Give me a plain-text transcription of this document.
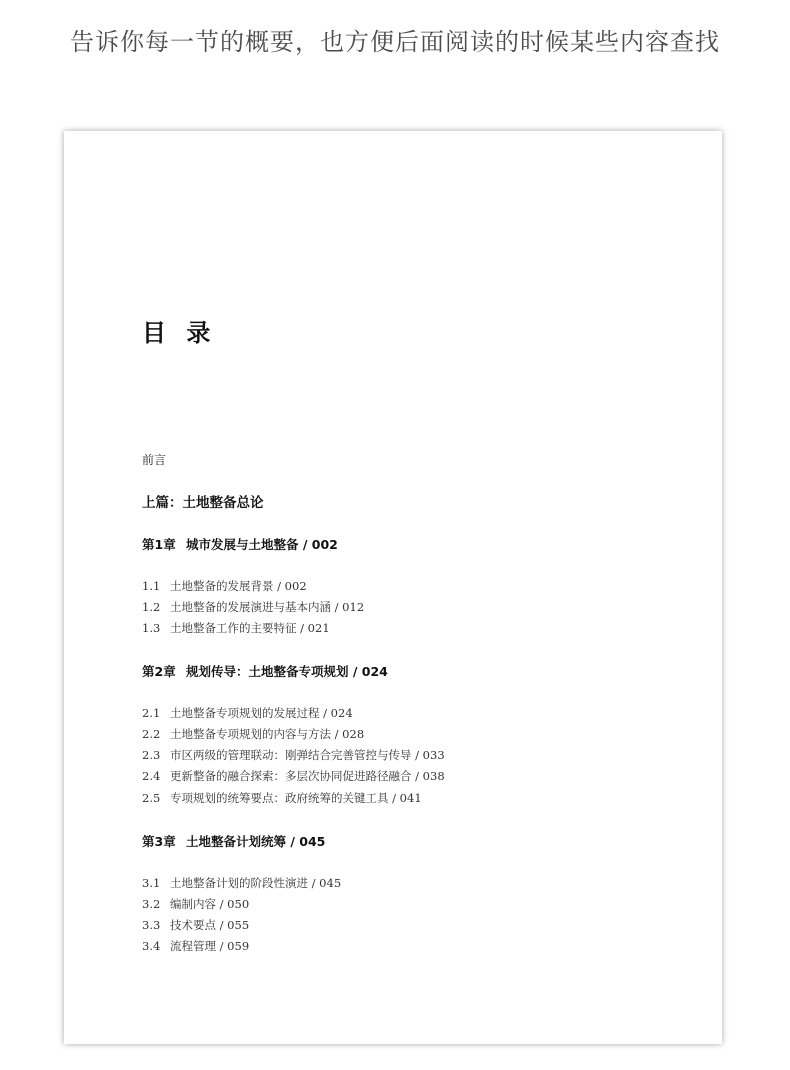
告诉你每一节的概要，也方便后面阅读的时候某些内容查找
目 录
前言
上篇：土地整备总论
第1章 城市发展与土地整备 / 002
1.1 土地整备的发展背景 / 002
1.2 土地整备的发展演进与基本内涵 / 012
1.3 土地整备工作的主要特征 / 021
第2章 规划传导：土地整备专项规划 / 024
2.1 土地整备专项规划的发展过程 / 024
2.2 土地整备专项规划的内容与方法 / 028
2.3 市区两级的管理联动：刚弹结合完善管控与传导 / 033
2.4 更新整备的融合探索：多层次协同促进路径融合 / 038
2.5 专项规划的统筹要点：政府统筹的关键工具 / 041
第3章 土地整备计划统筹 / 045
3.1 土地整备计划的阶段性演进 / 045
3.2 编制内容 / 050
3.3 技术要点 / 055
3.4 流程管理 / 059
